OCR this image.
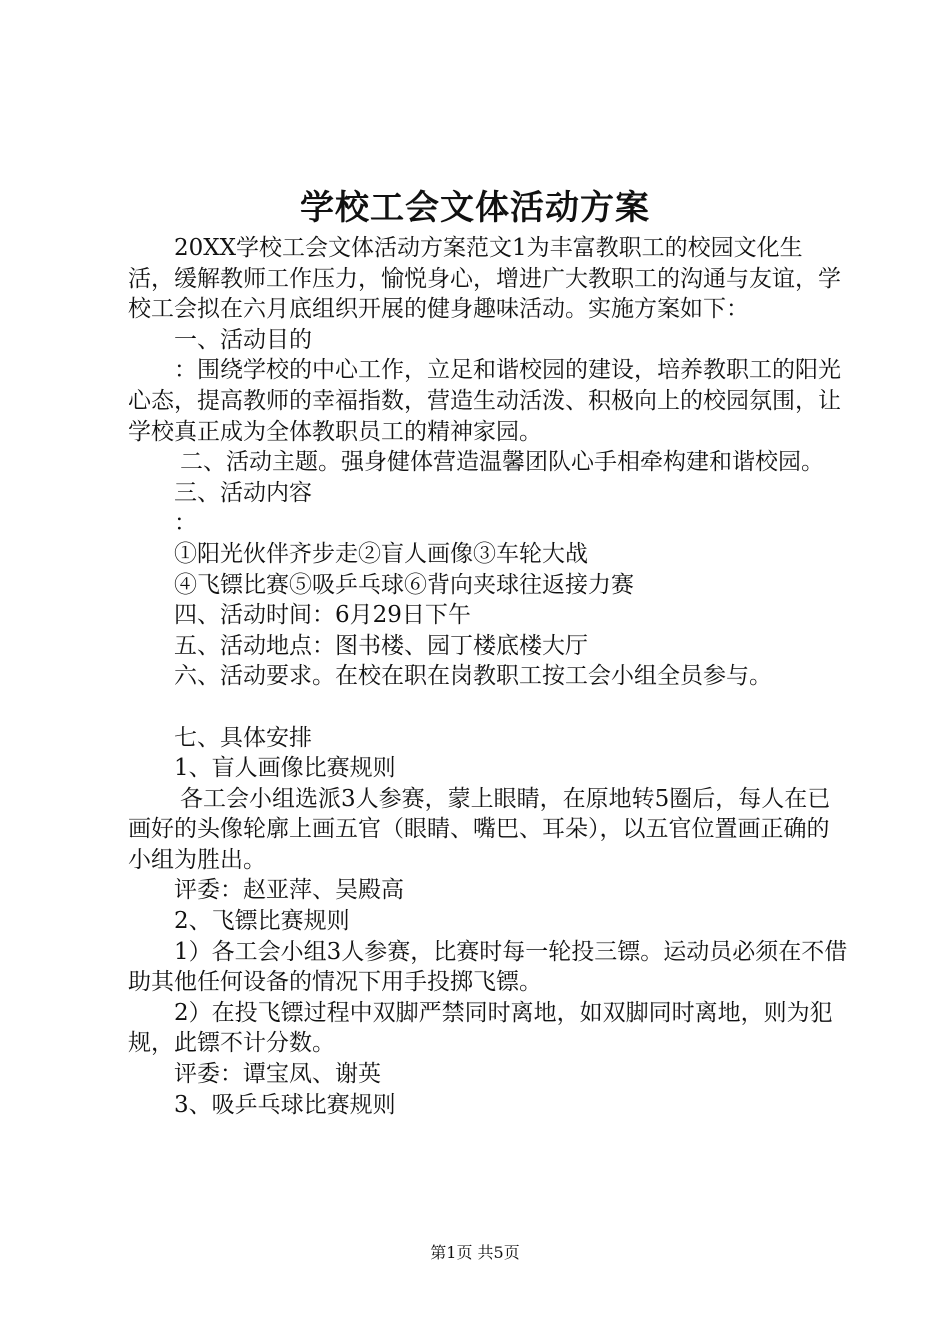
学校工会文体活动方案

20XX学校工会文体活动方案范文1为丰富教职工的校园文化生活，缓解教师工作压力，愉悦身心，增进广大教职工的沟通与友谊，学校工会拟在六月底组织开展的健身趣味活动。实施方案如下：

一、活动目的

：围绕学校的中心工作，立足和谐校园的建设，培养教职工的阳光心态，提高教师的幸福指数，营造生动活泼、积极向上的校园氛围，让学校真正成为全体教职员工的精神家园。

二、活动主题。强身健体营造温馨团队心手相牵构建和谐校园。

三、活动内容

：

①阳光伙伴齐步走②盲人画像③车轮大战

④飞镖比赛⑤吸乒乓球⑥背向夹球往返接力赛

四、活动时间：6月29日下午

五、活动地点：图书楼、园丁楼底楼大厅

六、活动要求。在校在职在岗教职工按工会小组全员参与。

七、具体安排

1、盲人画像比赛规则

各工会小组选派3人参赛，蒙上眼睛，在原地转5圈后，每人在已画好的头像轮廓上画五官（眼睛、嘴巴、耳朵），以五官位置画正确的小组为胜出。

评委：赵亚萍、吴殿高

2、飞镖比赛规则

1）各工会小组3人参赛，比赛时每一轮投三镖。运动员必须在不借助其他任何设备的情况下用手投掷飞镖。

2）在投飞镖过程中双脚严禁同时离地，如双脚同时离地，则为犯规，此镖不计分数。

评委：谭宝凤、谢英

3、吸乒乓球比赛规则

第1页 共5页
